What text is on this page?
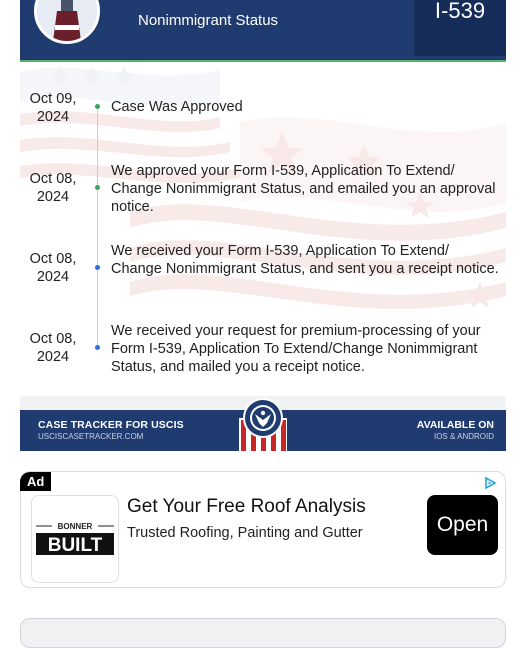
Nonimmigrant Status	I-539
Oct 09,
2024
Case Was Approved
Oct 08,
2024
We approved your Form I-539, Application To Extend/ Change Nonimmigrant Status, and emailed you an approval notice.
Oct 08,
2024
We received your Form I-539, Application To Extend/ Change Nonimmigrant Status, and sent you a receipt notice.
Oct 08,
2024
We received your request for premium-processing of your Form I-539, Application To Extend/Change Nonimmigrant Status, and mailed you a receipt notice.
CASE TRACKER FOR USCIS
USCISCASETRACKER.COM
AVAILABLE ON
IOS & ANDROID
Ad
BONNER
BUILT
Get Your Free Roof Analysis
Trusted Roofing, Painting and Gutter	Open
